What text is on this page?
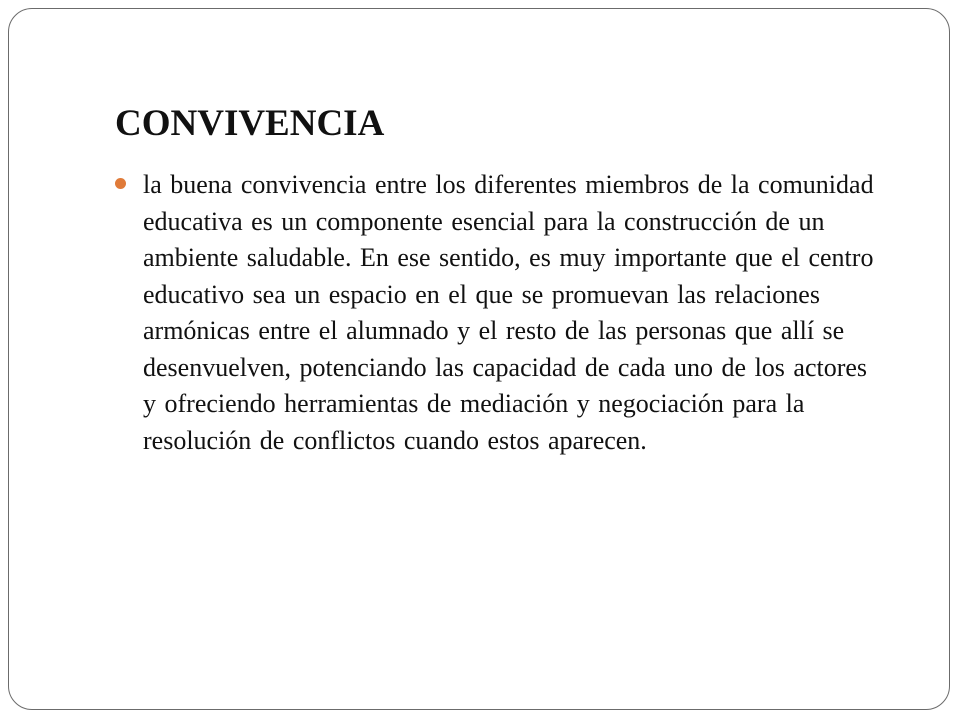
CONVIVENCIA
la buena convivencia entre los diferentes miembros de la comunidad educativa es un componente esencial para la construcción de un ambiente saludable. En ese sentido, es muy importante que el centro educativo sea un espacio en el que se promuevan las relaciones armónicas entre el alumnado y el resto de las personas que allí se desenvuelven, potenciando las capacidad de cada uno de los actores y ofreciendo herramientas de mediación y negociación para la resolución de conflictos cuando estos aparecen.
